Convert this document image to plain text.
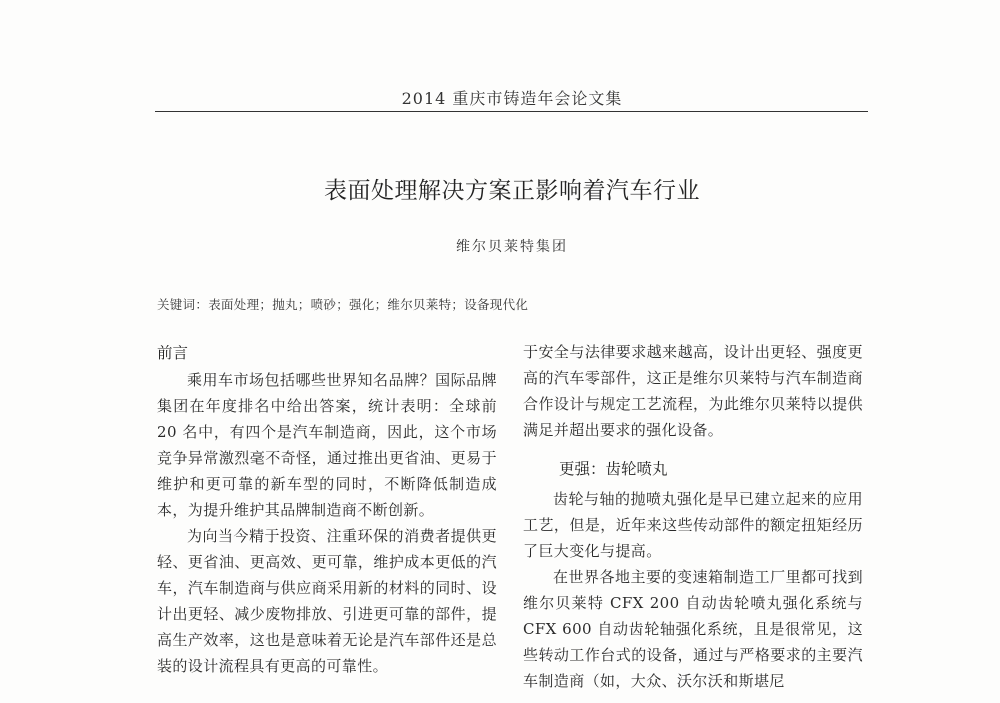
2014 重庆市铸造年会论文集
表面处理解决方案正影响着汽车行业
维尔贝莱特集团
关键词：表面处理；抛丸；喷砂；强化；维尔贝莱特；设备现代化
前言

乘用车市场包括哪些世界知名品牌？国际品牌集团在年度排名中给出答案，统计表明：全球前 20 名中，有四个是汽车制造商，因此，这个市场竞争异常激烈毫不奇怪，通过推出更省油、更易于维护和更可靠的新车型的同时，不断降低制造成本，为提升维护其品牌制造商不断创新。

为向当今精于投资、注重环保的消费者提供更轻、更省油、更高效、更可靠，维护成本更低的汽车，汽车制造商与供应商采用新的材料的同时、设计出更轻、减少废物排放、引进更可靠的部件，提高生产效率，这也是意味着无论是汽车部件还是总装的设计流程具有更高的可靠性。

于安全与法律要求越来越高，设计出更轻、强度更高的汽车零部件，这正是维尔贝莱特与汽车制造商合作设计与规定工艺流程，为此维尔贝莱特以提供满足并超出要求的强化设备。

更强：齿轮喷丸

齿轮与轴的抛喷丸强化是早已建立起来的应用工艺，但是，近年来这些传动部件的额定扭矩经历了巨大变化与提高。

在世界各地主要的变速箱制造工厂里都可找到维尔贝莱特 CFX 200 自动齿轮喷丸强化系统与 CFX 600 自动齿轮轴强化系统，且是很常见，这些转动工作台式的设备，通过与严格要求的主要汽车制造商（如，大众、沃尔沃和斯堪尼
